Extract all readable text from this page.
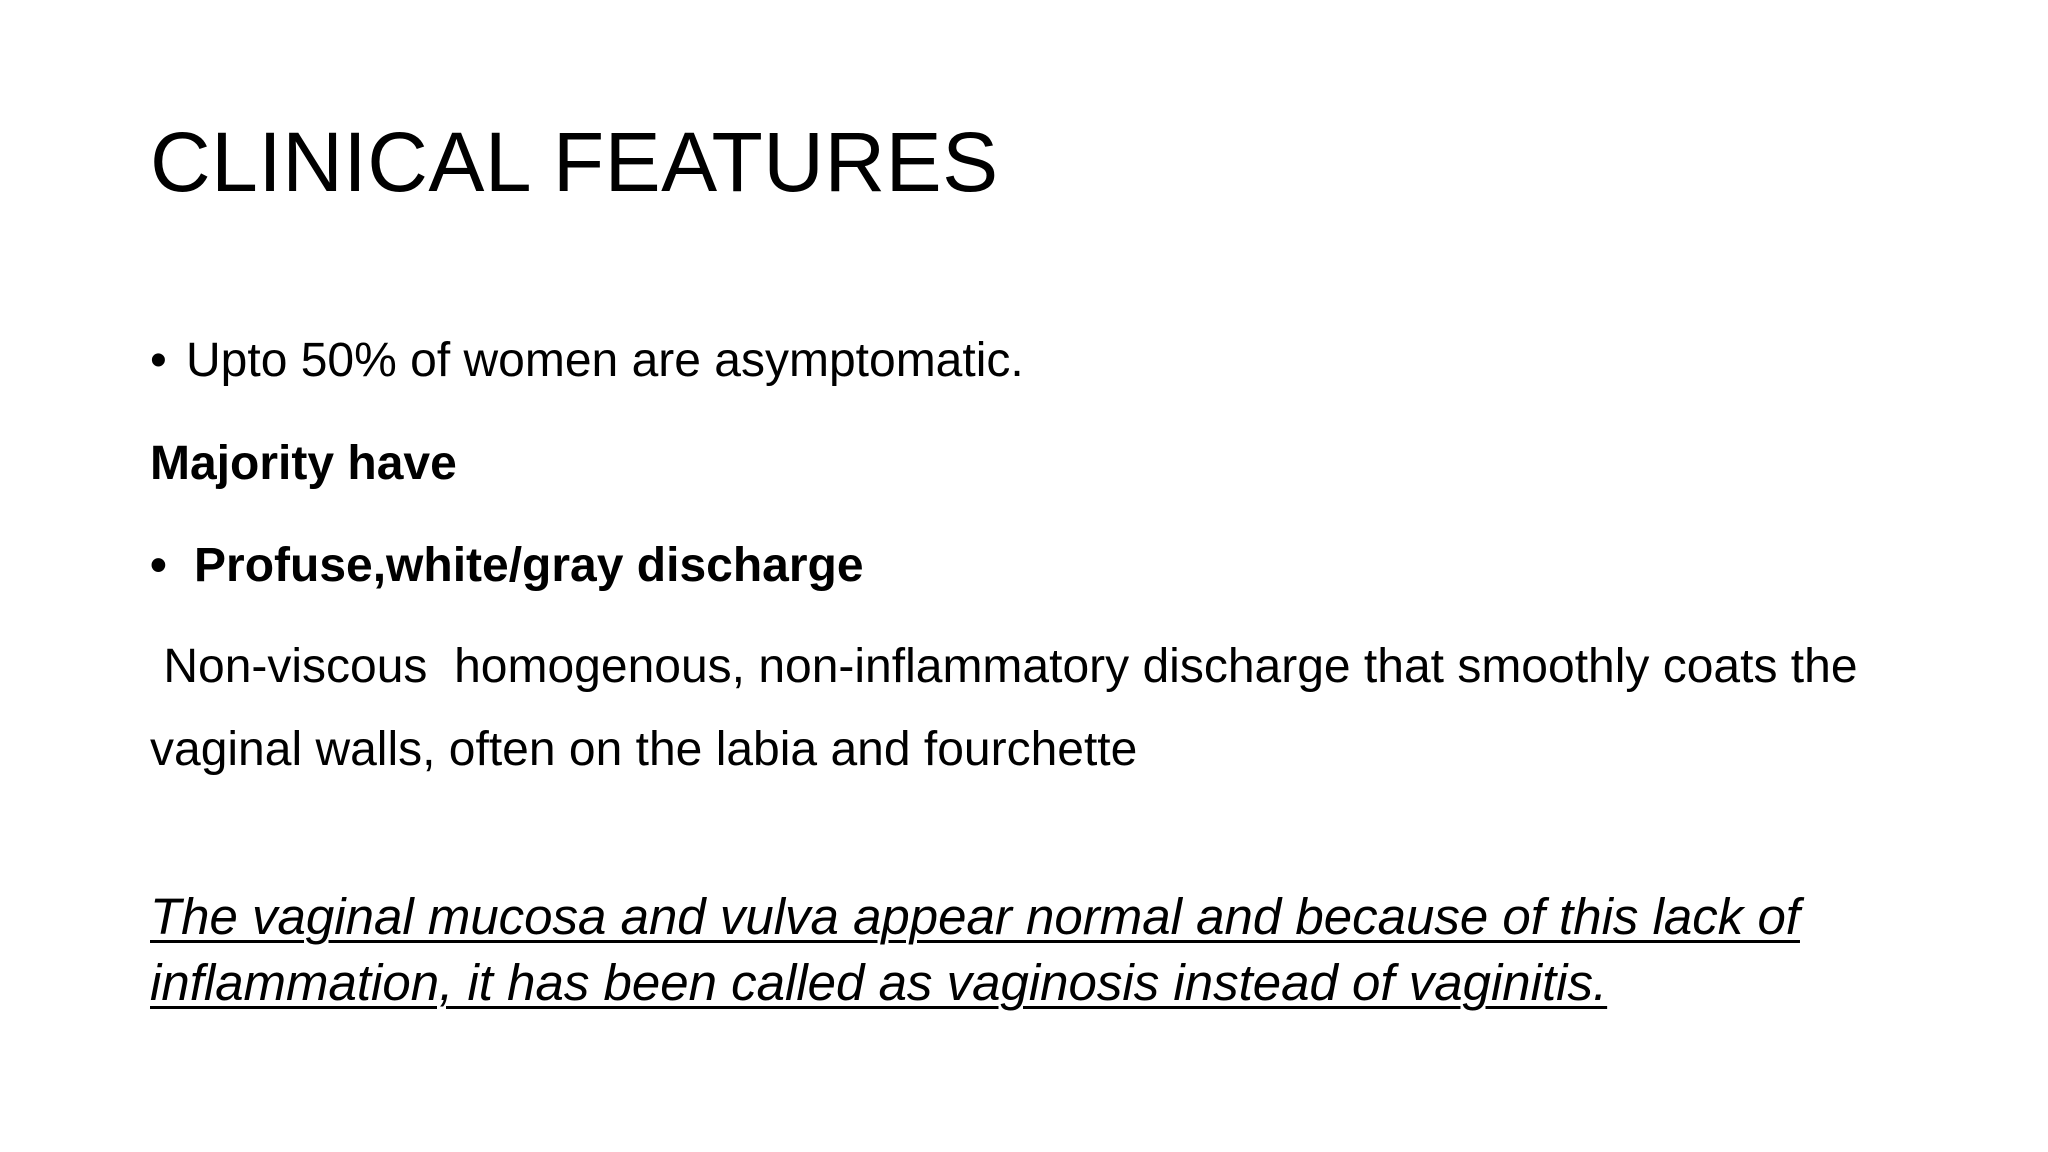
CLINICAL FEATURES
• Upto 50% of women are asymptomatic.
Majority have
• Profuse,white/gray discharge
Non-viscous  homogenous, non-inflammatory discharge that smoothly coats the
vaginal walls, often on the labia and fourchette
The vaginal mucosa and vulva appear normal and because of this lack of
inflammation, it has been called as vaginosis instead of vaginitis.
